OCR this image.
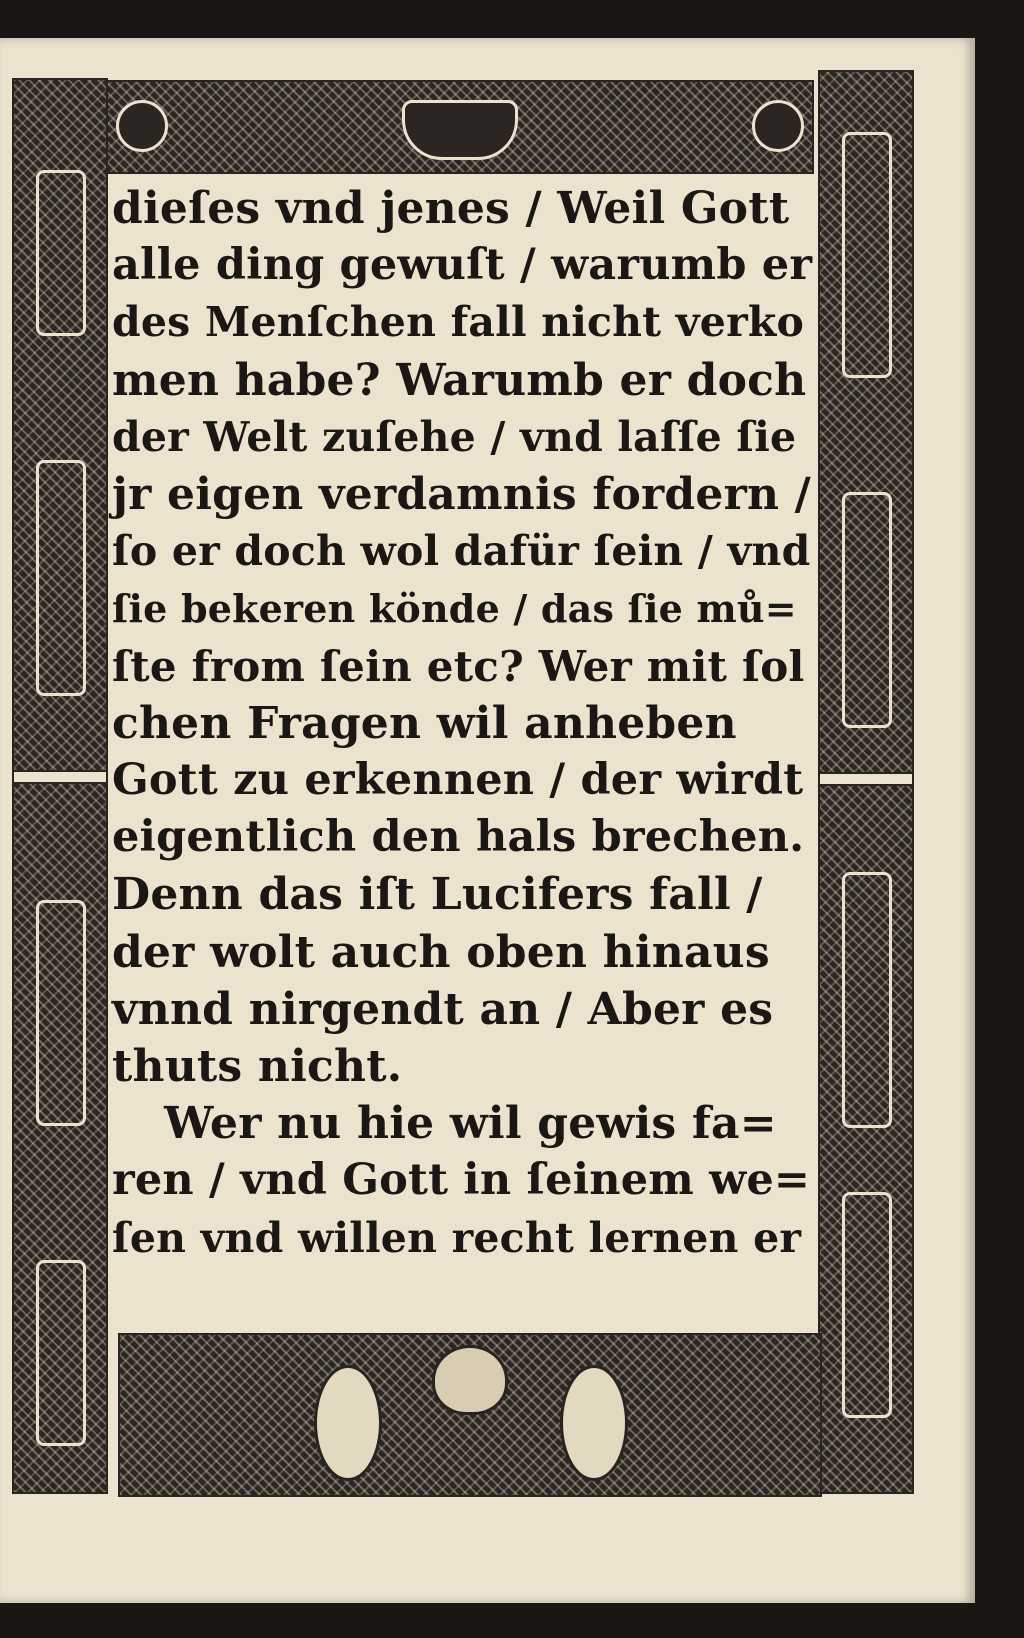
dieſes vnd jenes / Weil Gott
alle ding gewuſt / warumb er
des Menſchen fall nicht verko
men habe? Warumb er doch
der Welt zuſehe / vnd laſſe ſie
jr eigen verdamnis fordern /
ſo er doch wol dafür ſein / vnd
ſie bekeren könde / das ſie mů=
ſte from ſein etc? Wer mit ſol
chen Fragen wil anheben
Gott zu erkennen / der wirdt
eigentlich den hals brechen.
Denn das iſt Lucifers fall /
der wolt auch oben hinaus
vnnd nirgendt an / Aber es
thuts nicht.
Wer nu hie wil gewis fa=
ren / vnd Gott in ſeinem we=
ſen vnd willen recht lernen er
